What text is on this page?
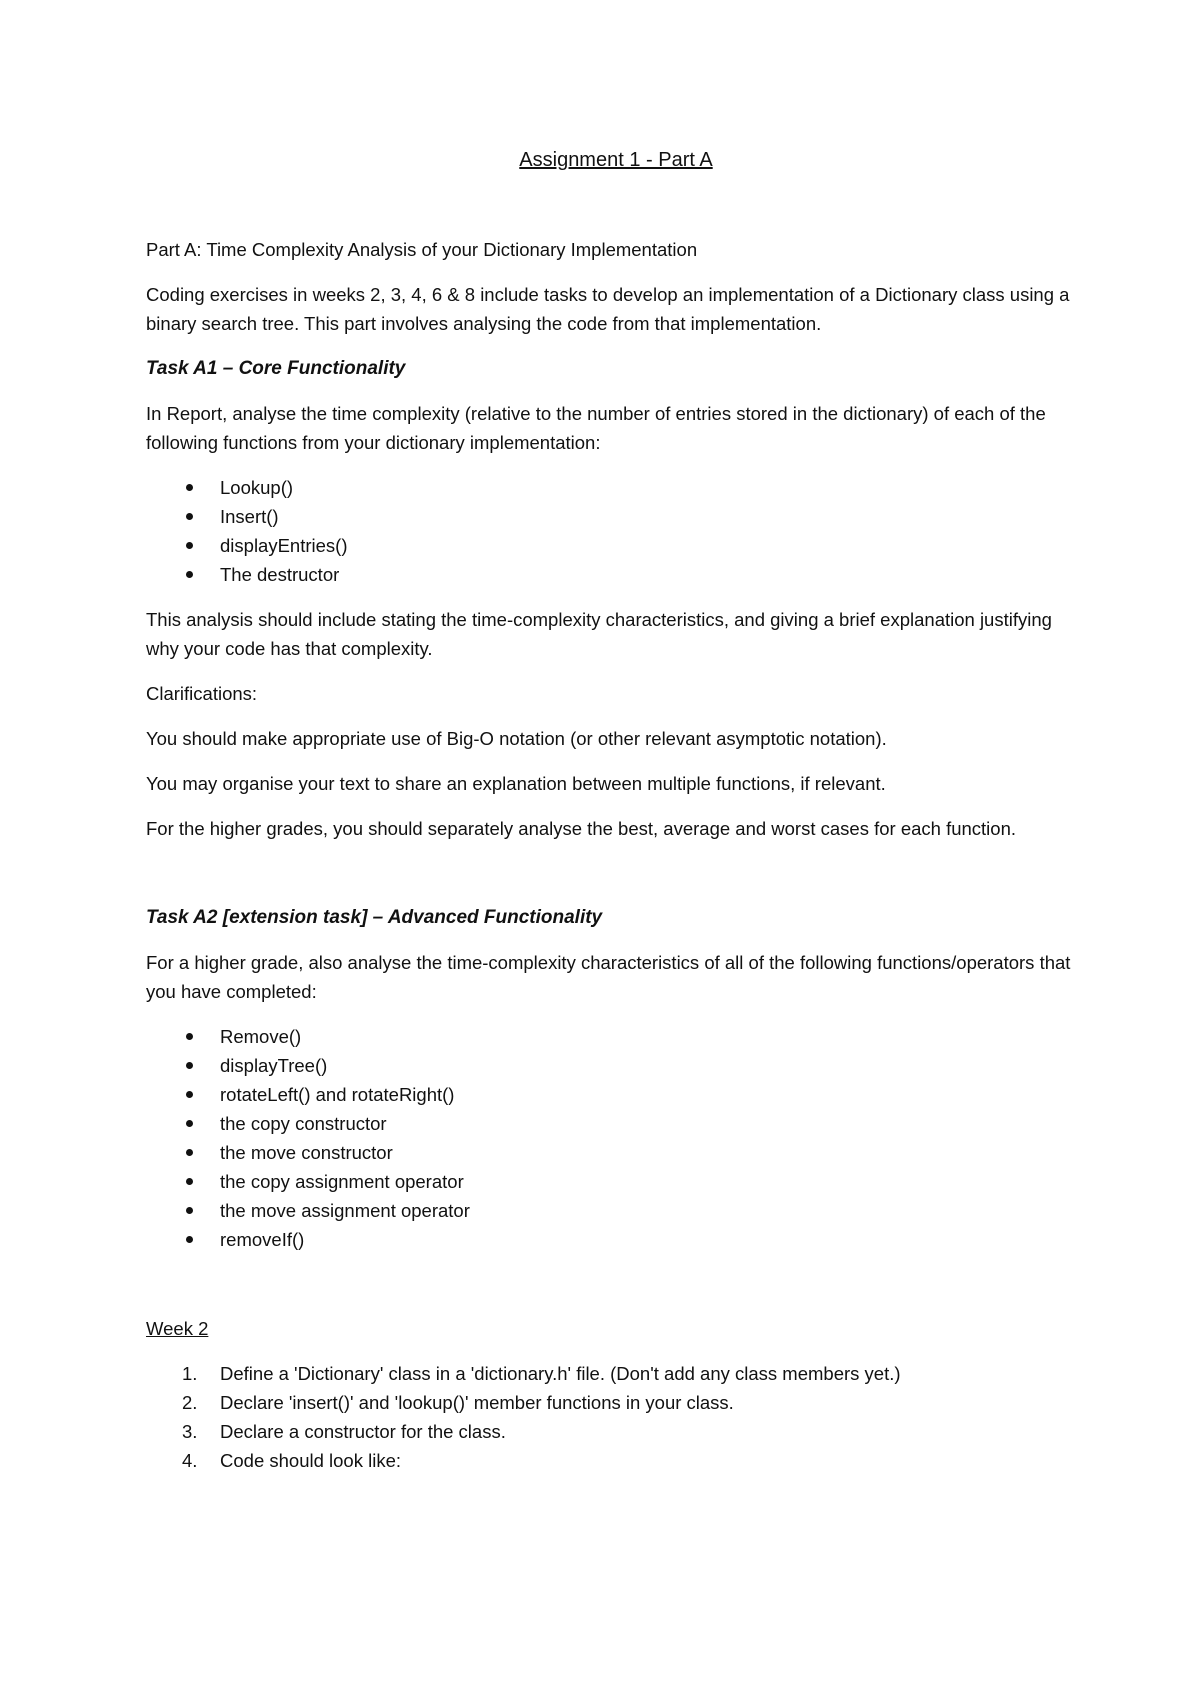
Assignment 1 - Part A

Part A: Time Complexity Analysis of your Dictionary Implementation

Coding exercises in weeks 2, 3, 4, 6 & 8 include tasks to develop an implementation of a Dictionary class using a binary search tree. This part involves analysing the code from that implementation.

Task A1 – Core Functionality

In Report, analyse the time complexity (relative to the number of entries stored in the dictionary) of each of the following functions from your dictionary implementation:

Lookup()
Insert()
displayEntries()
The destructor

This analysis should include stating the time-complexity characteristics, and giving a brief explanation justifying why your code has that complexity.

Clarifications:

You should make appropriate use of Big-O notation (or other relevant asymptotic notation).

You may organise your text to share an explanation between multiple functions, if relevant.

For the higher grades, you should separately analyse the best, average and worst cases for each function.

Task A2 [extension task] – Advanced Functionality

For a higher grade, also analyse the time-complexity characteristics of all of the following functions/operators that you have completed:

Remove()
displayTree()
rotateLeft() and rotateRight()
the copy constructor
the move constructor
the copy assignment operator
the move assignment operator
removeIf()
Week 2
1. Define a 'Dictionary' class in a 'dictionary.h' file. (Don't add any class members yet.)
2. Declare 'insert()' and 'lookup()' member functions in your class.
3. Declare a constructor for the class.
4. Code should look like:
